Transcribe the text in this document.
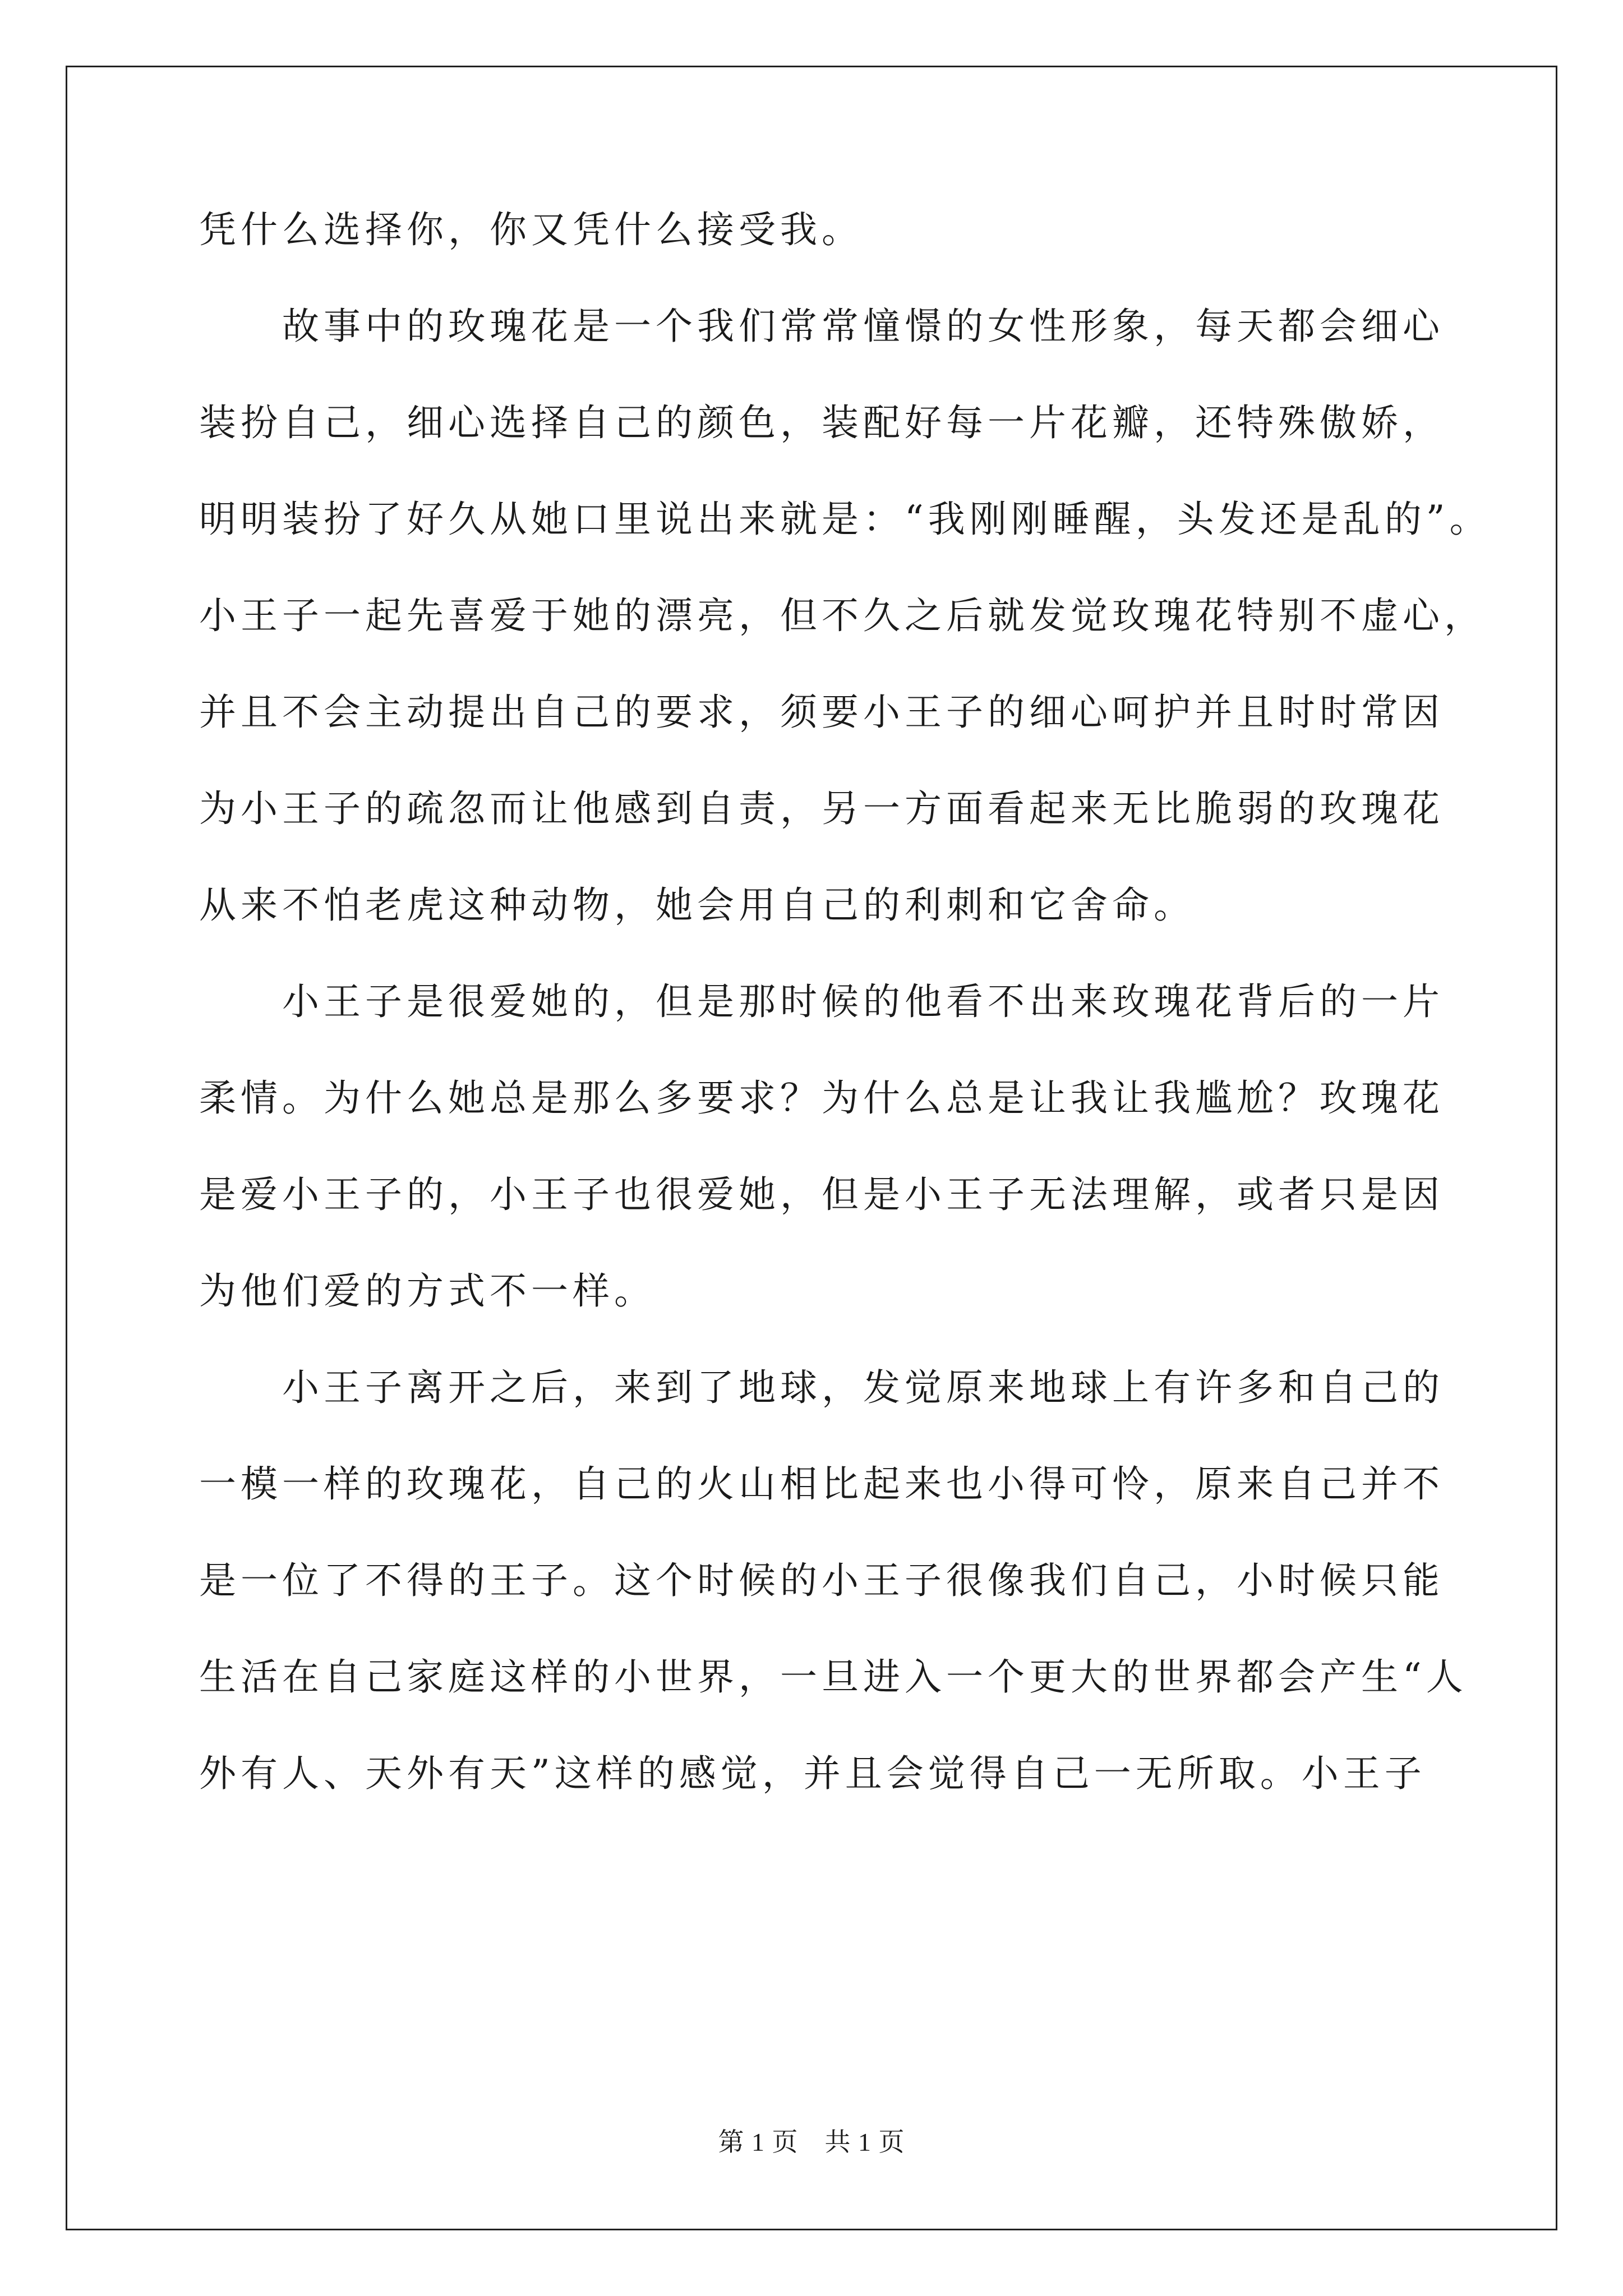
凭什么选择你，你又凭什么接受我。
　　故事中的玫瑰花是一个我们常常憧憬的女性形象，每天都会细心
装扮自己，细心选择自己的颜色，装配好每一片花瓣，还特殊傲娇，
明明装扮了好久从她口里说出来就是：“我刚刚睡醒，头发还是乱的”。
小王子一起先喜爱于她的漂亮，但不久之后就发觉玫瑰花特别不虚心，
并且不会主动提出自己的要求，须要小王子的细心呵护并且时时常因
为小王子的疏忽而让他感到自责，另一方面看起来无比脆弱的玫瑰花
从来不怕老虎这种动物，她会用自己的利刺和它舍命。
　　小王子是很爱她的，但是那时候的他看不出来玫瑰花背后的一片
柔情。为什么她总是那么多要求？为什么总是让我让我尴尬？玫瑰花
是爱小王子的，小王子也很爱她，但是小王子无法理解，或者只是因
为他们爱的方式不一样。
　　小王子离开之后，来到了地球，发觉原来地球上有许多和自己的
一模一样的玫瑰花，自己的火山相比起来也小得可怜，原来自己并不
是一位了不得的王子。这个时候的小王子很像我们自己，小时候只能
生活在自己家庭这样的小世界，一旦进入一个更大的世界都会产生“人
外有人、天外有天”这样的感觉，并且会觉得自己一无所取。小王子
第 1 页　共 1 页
